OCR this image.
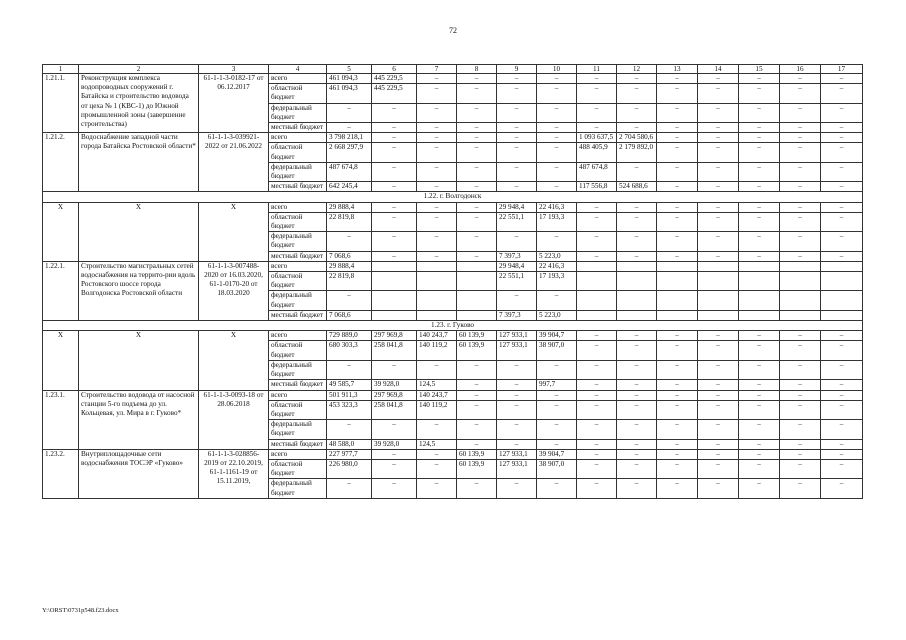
72
1	2	3	4	5	6	7	8	9	10	11	12	13	14	15	16	17
1.21.1.	Реконструкция комплекса водопроводных сооружений г. Батайска и строительство водовода от цеха № 1 (КВС-1) до Южной промышленной зоны (завершение строительства)	61-1-1-3-0182-17 от 06.12.2017	всего	461 094,3	445 229,5	–	–	–	–	–	–	–	–	–	–	–
			областной бюджет	461 094,3	445 229,5	–	–	–	–	–	–	–	–	–	–	–
			федеральный бюджет	–	–	–	–	–	–	–	–	–	–	–	–	–
			местный бюджет	–	–	–	–	–	–	–	–	–	–	–	–	–
1.21.2.	Водоснабжение западной части города Батайска Ростовской области*	61-1-1-3-039921-2022 от 21.06.2022	всего	3 798 218,1	–	–	–	–	–	1 093 637,5	2 704 580,6	–	–	–	–	–
			областной бюджет	2 668 297,9	–	–	–	–	–	488 405,9	2 179 892,0	–	–	–	–	–
			федеральный бюджет	487 674,8	–	–	–	–	–	487 674,8	–	–	–	–	–	–
			местный бюджет	642 245,4	–	–	–	–	–	117 556,8	524 688,6	–	–	–	–	–
1.22. г. Волгодонск																
X	X	X	всего	29 888,4	–	–	–	29 948,4	22 416,3	–	–	–	–	–	–	–
			областной бюджет	22 819,8	–	–	–	22 551,1	17 193,3	–	–	–	–	–	–	–
			федеральный бюджет	–	–	–	–	–	–	–	–	–	–	–	–	–
			местный бюджет	7 068,6	–	–	–	7 397,3	5 223,0	–	–	–	–	–	–	–
1.22.1.	Строительство магистральных сетей водоснабжения на террито-рии вдоль Ростовского шоссе города Волгодонска Ростовской области	61-1-1-3-007488-2020 от 16.03.2020, 61-1-0170-20 от 18.03.2020	всего	29 888,4				29 948,4	22 416,3							
			областной бюджет	22 819,8				22 551,1	17 193,3							
			федеральный бюджет	–				–	–							
			местный бюджет	7 068,6				7 397,3	5 223,0							
1.23. г. Гуково																
X	X	X	всего	729 889,0	297 969,8	140 243,7	60 139,9	127 933,1	39 904,7	–	–	–	–	–	–	–
			областной бюджет	680 303,3	258 041,8	140 119,2	60 139,9	127 933,1	38 907,0	–	–	–	–	–	–	–
			федеральный бюджет	–	–	–	–	–	–	–	–	–	–	–	–	–
			местный бюджет	49 585,7	39 928,0	124,5	–	–	997,7	–	–	–	–	–	–	–
1.23.1.	Строительство водовода от насосной станции 5-го подъема до ул. Кольцевая, ул. Мира в г. Гуково*	61-1-1-3-0093-18 от 28.06.2018	всего	501 911,3	297 969,8	140 243,7	–	–	–	–	–	–	–	–	–	–
			областной бюджет	453 323,3	258 041,8	140 119,2	–	–	–	–	–	–	–	–	–	–
			федеральный бюджет	–	–	–	–	–	–	–	–	–	–	–	–	–
			местный бюджет	48 588,0	39 928,0	124,5	–	–	–	–	–	–	–	–	–	–
1.23.2.	Внутриплощадочные сети водоснабжения ТОСЭР «Гуково»	61-1-1-3-028856-2019 от 22.10.2019, 61-1-1161-19 от 15.11.2019,	всего	227 977,7	–	–	60 139,9	127 933,1	39 904,7	–	–	–	–	–	–	–
			областной бюджет	226 980,0	–	–	60 139,9	127 933,1	38 907,0	–	–	–	–	–	–	–
			федеральный бюджет	–	–	–	–	–	–	–	–	–	–	–	–	–
Y:\ORST\0731p548.f23.docx
